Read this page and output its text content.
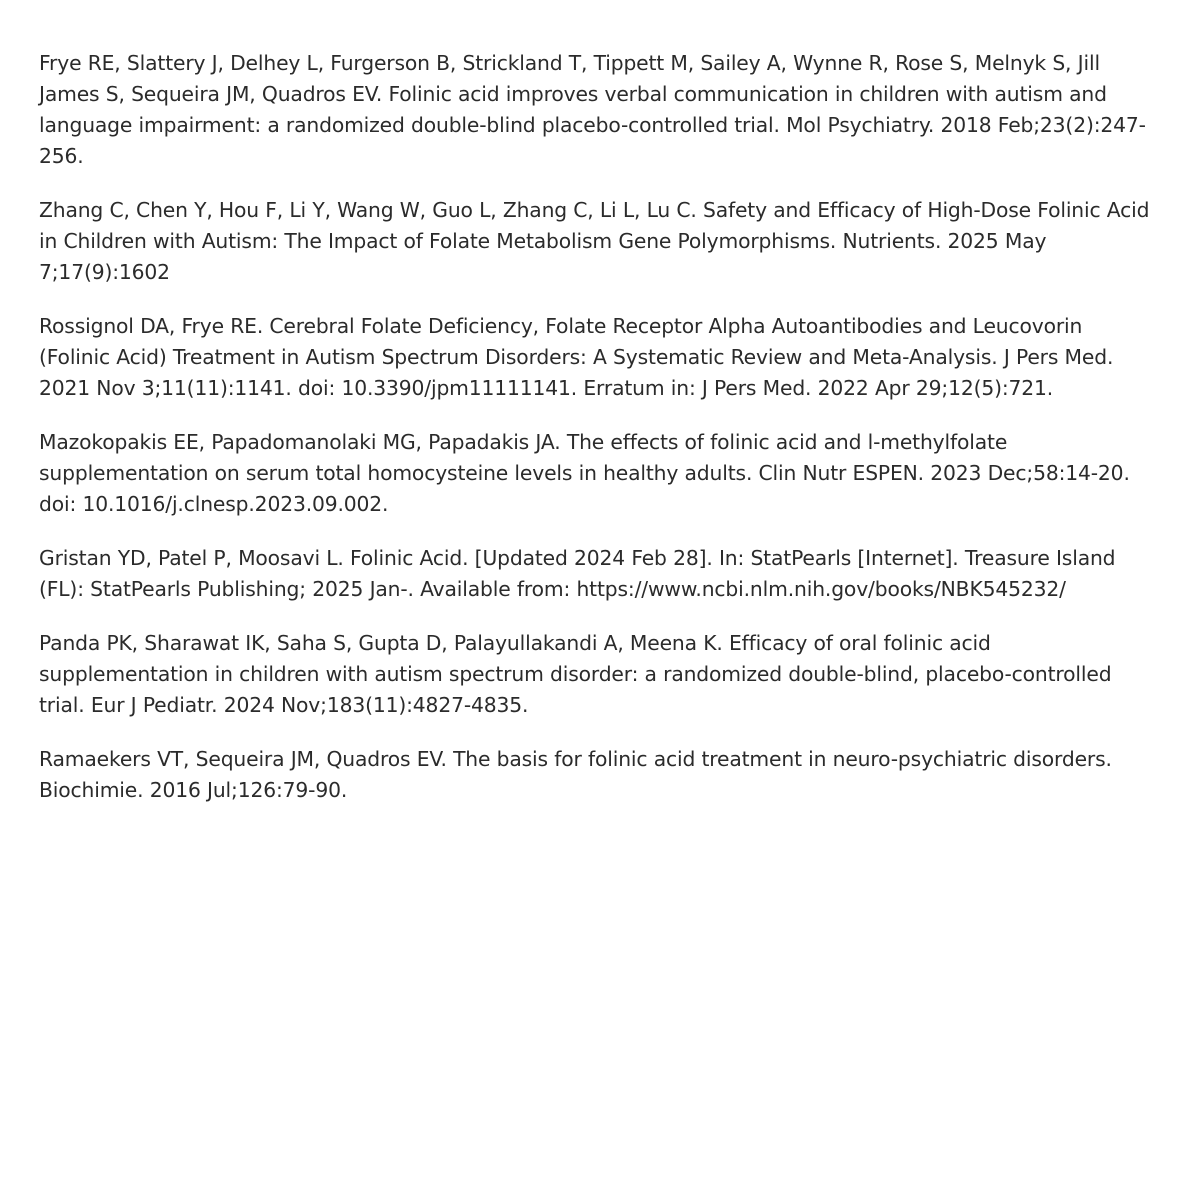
Frye RE, Slattery J, Delhey L, Furgerson B, Strickland T, Tippett M, Sailey A, Wynne R, Rose S, Melnyk S, Jill James S, Sequeira JM, Quadros EV. Folinic acid improves verbal communication in children with autism and language impairment: a randomized double-blind placebo-controlled trial. Mol Psychiatry. 2018 Feb;23(2):247-256.

Zhang C, Chen Y, Hou F, Li Y, Wang W, Guo L, Zhang C, Li L, Lu C. Safety and Efficacy of High-Dose Folinic Acid in Children with Autism: The Impact of Folate Metabolism Gene Polymorphisms. Nutrients. 2025 May 7;17(9):1602

Rossignol DA, Frye RE. Cerebral Folate Deficiency, Folate Receptor Alpha Autoantibodies and Leucovorin (Folinic Acid) Treatment in Autism Spectrum Disorders: A Systematic Review and Meta-Analysis. J Pers Med. 2021 Nov 3;11(11):1141. doi: 10.3390/jpm11111141. Erratum in: J Pers Med. 2022 Apr 29;12(5):721.

Mazokopakis EE, Papadomanolaki MG, Papadakis JA. The effects of folinic acid and l-methylfolate supplementation on serum total homocysteine levels in healthy adults. Clin Nutr ESPEN. 2023 Dec;58:14-20. doi: 10.1016/j.clnesp.2023.09.002.

Gristan YD, Patel P, Moosavi L. Folinic Acid. [Updated 2024 Feb 28]. In: StatPearls [Internet]. Treasure Island (FL): StatPearls Publishing; 2025 Jan-. Available from: https://www.ncbi.nlm.nih.gov/books/NBK545232/

Panda PK, Sharawat IK, Saha S, Gupta D, Palayullakandi A, Meena K. Efficacy of oral folinic acid supplementation in children with autism spectrum disorder: a randomized double-blind, placebo-controlled trial. Eur J Pediatr. 2024 Nov;183(11):4827-4835.

Ramaekers VT, Sequeira JM, Quadros EV. The basis for folinic acid treatment in neuro-psychiatric disorders. Biochimie. 2016 Jul;126:79-90.
